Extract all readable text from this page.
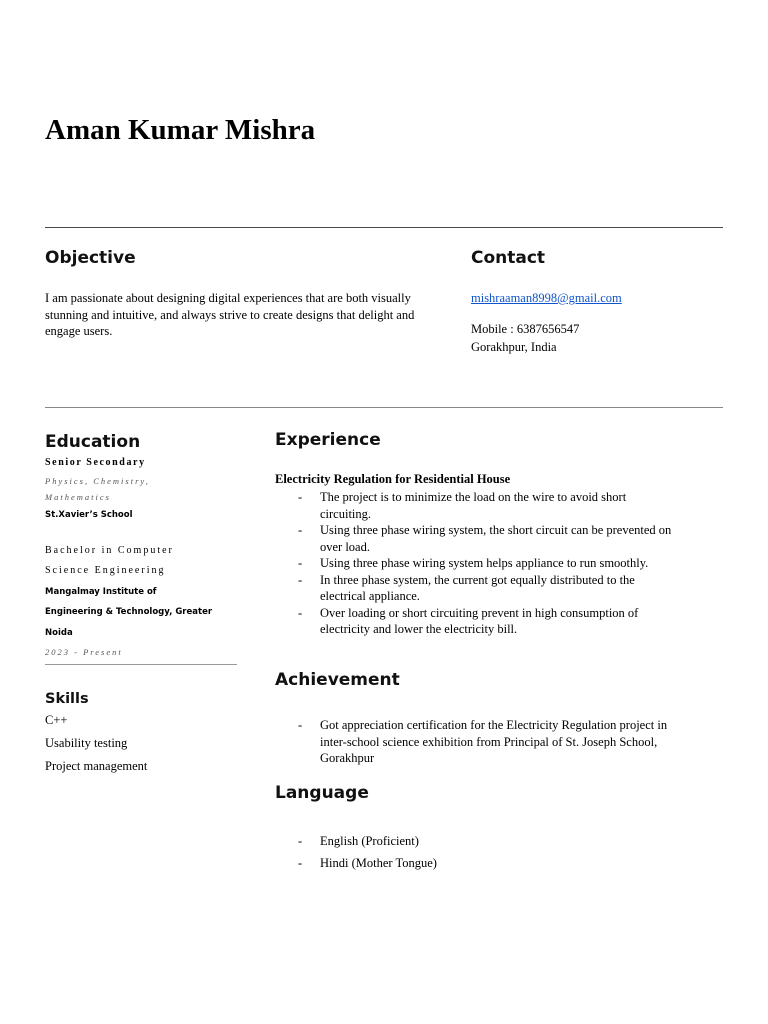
Aman Kumar Mishra
Objective
I am passionate about designing digital experiences that are both visually stunning and intuitive, and always strive to create designs that delight and engage users.
Contact
mishraaman8998@gmail.com
Mobile : 6387656547
Gorakhpur, India
Education
Senior Secondary
Physics, Chemistry,
Mathematics
St.Xavier’s School
Bachelor in Computer
Science Engineering
Mangalmay Institute of
Engineering & Technology, Greater
Noida
2023 - Present
Skills
C++
Usability testing
Project management
Experience
Electricity Regulation for Residential House
- The project is to minimize the load on the wire to avoid short circuiting.
- Using three phase wiring system, the short circuit can be prevented on over load.
- Using three phase wiring system helps appliance to run smoothly.
- In three phase system, the current got equally distributed to the electrical appliance.
- Over loading or short circuiting prevent in high consumption of electricity and lower the electricity bill.
Achievement
- Got appreciation certification for the Electricity Regulation project in inter-school science exhibition from Principal of St. Joseph School, Gorakhpur
Language
- English (Proficient)
- Hindi (Mother Tongue)
